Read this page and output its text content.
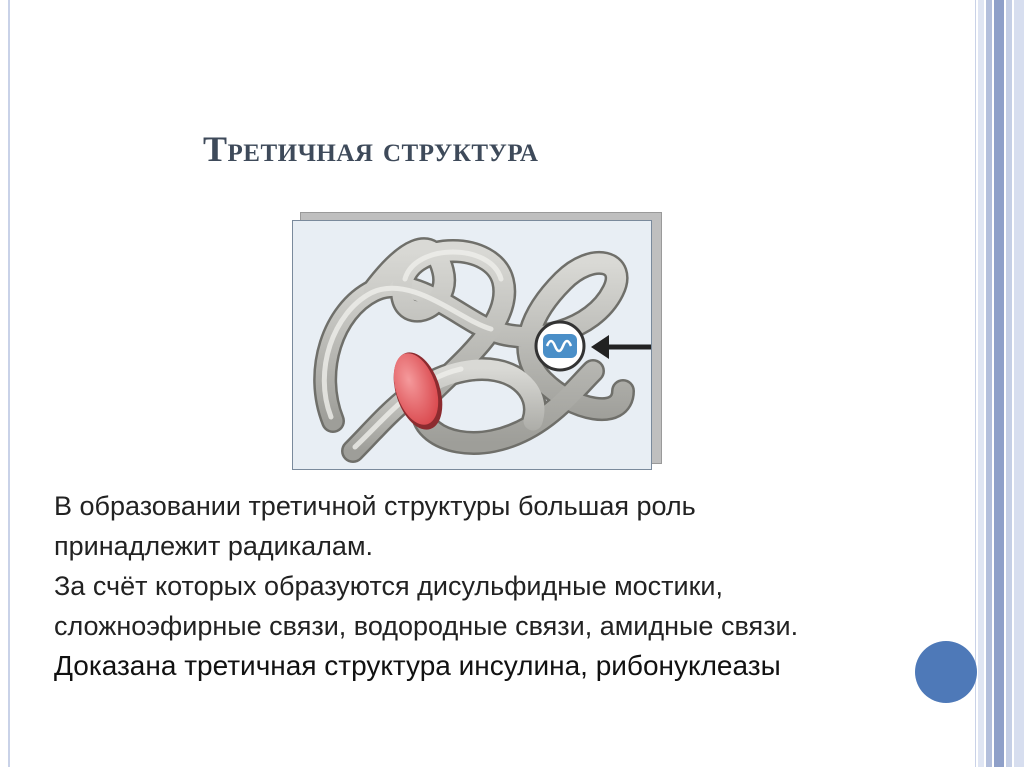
Третичная структура
В образовании третичной структуры большая роль
принадлежит радикалам.
За счёт которых образуются дисульфидные мостики,
сложноэфирные связи, водородные связи, амидные связи.
Доказана третичная структура инсулина, рибонуклеазы
